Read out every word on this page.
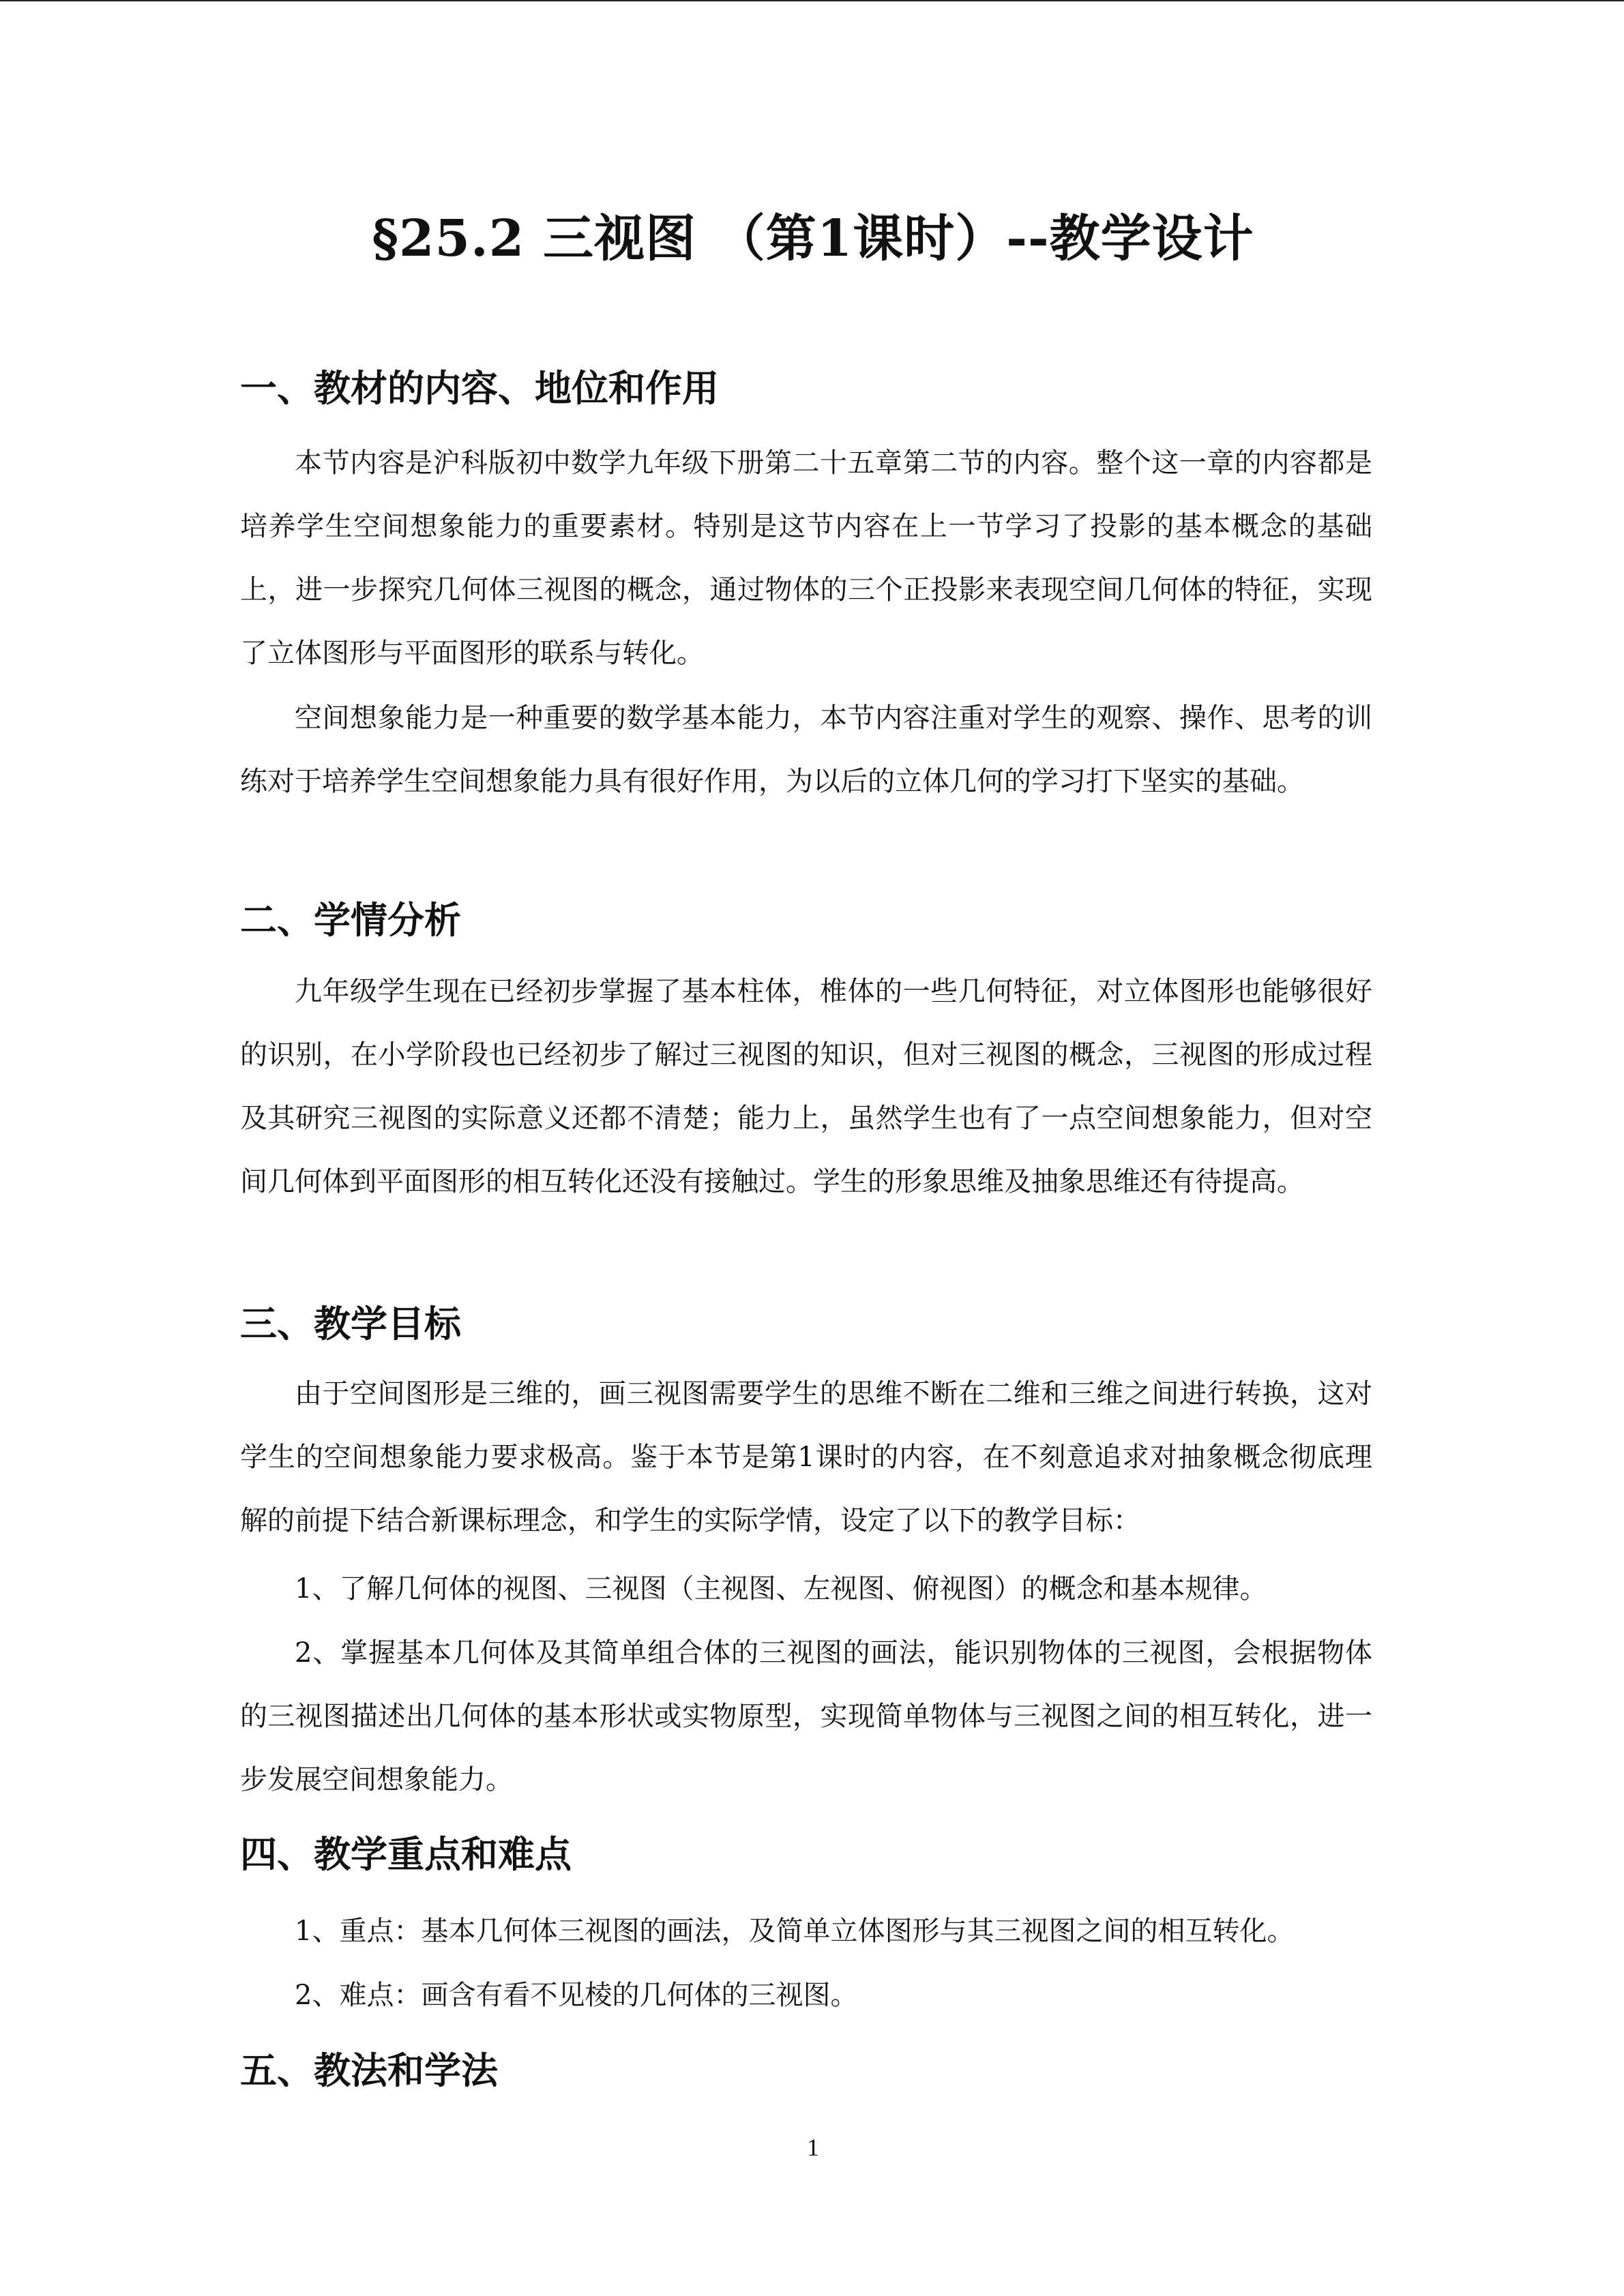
§25.2 三视图 （第1课时）--教学设计
一、教材的内容、地位和作用

本节内容是沪科版初中数学九年级下册第二十五章第二节的内容。整个这一章的内容都是培养学生空间想象能力的重要素材。特别是这节内容在上一节学习了投影的基本概念的基础上，进一步探究几何体三视图的概念，通过物体的三个正投影来表现空间几何体的特征，实现了立体图形与平面图形的联系与转化。

空间想象能力是一种重要的数学基本能力，本节内容注重对学生的观察、操作、思考的训练对于培养学生空间想象能力具有很好作用，为以后的立体几何的学习打下坚实的基础。

二、学情分析

九年级学生现在已经初步掌握了基本柱体，椎体的一些几何特征，对立体图形也能够很好的识别，在小学阶段也已经初步了解过三视图的知识，但对三视图的概念，三视图的形成过程及其研究三视图的实际意义还都不清楚；能力上，虽然学生也有了一点空间想象能力，但对空间几何体到平面图形的相互转化还没有接触过。学生的形象思维及抽象思维还有待提高。

三、教学目标

由于空间图形是三维的，画三视图需要学生的思维不断在二维和三维之间进行转换，这对学生的空间想象能力要求极高。鉴于本节是第1课时的内容，在不刻意追求对抽象概念彻底理解的前提下结合新课标理念，和学生的实际学情，设定了以下的教学目标：

1、了解几何体的视图、三视图（主视图、左视图、俯视图）的概念和基本规律。

2、掌握基本几何体及其简单组合体的三视图的画法，能识别物体的三视图，会根据物体的三视图描述出几何体的基本形状或实物原型，实现简单物体与三视图之间的相互转化，进一步发展空间想象能力。

四、教学重点和难点

1、重点：基本几何体三视图的画法，及简单立体图形与其三视图之间的相互转化。

2、难点：画含有看不见棱的几何体的三视图。

五、教法和学法
1
